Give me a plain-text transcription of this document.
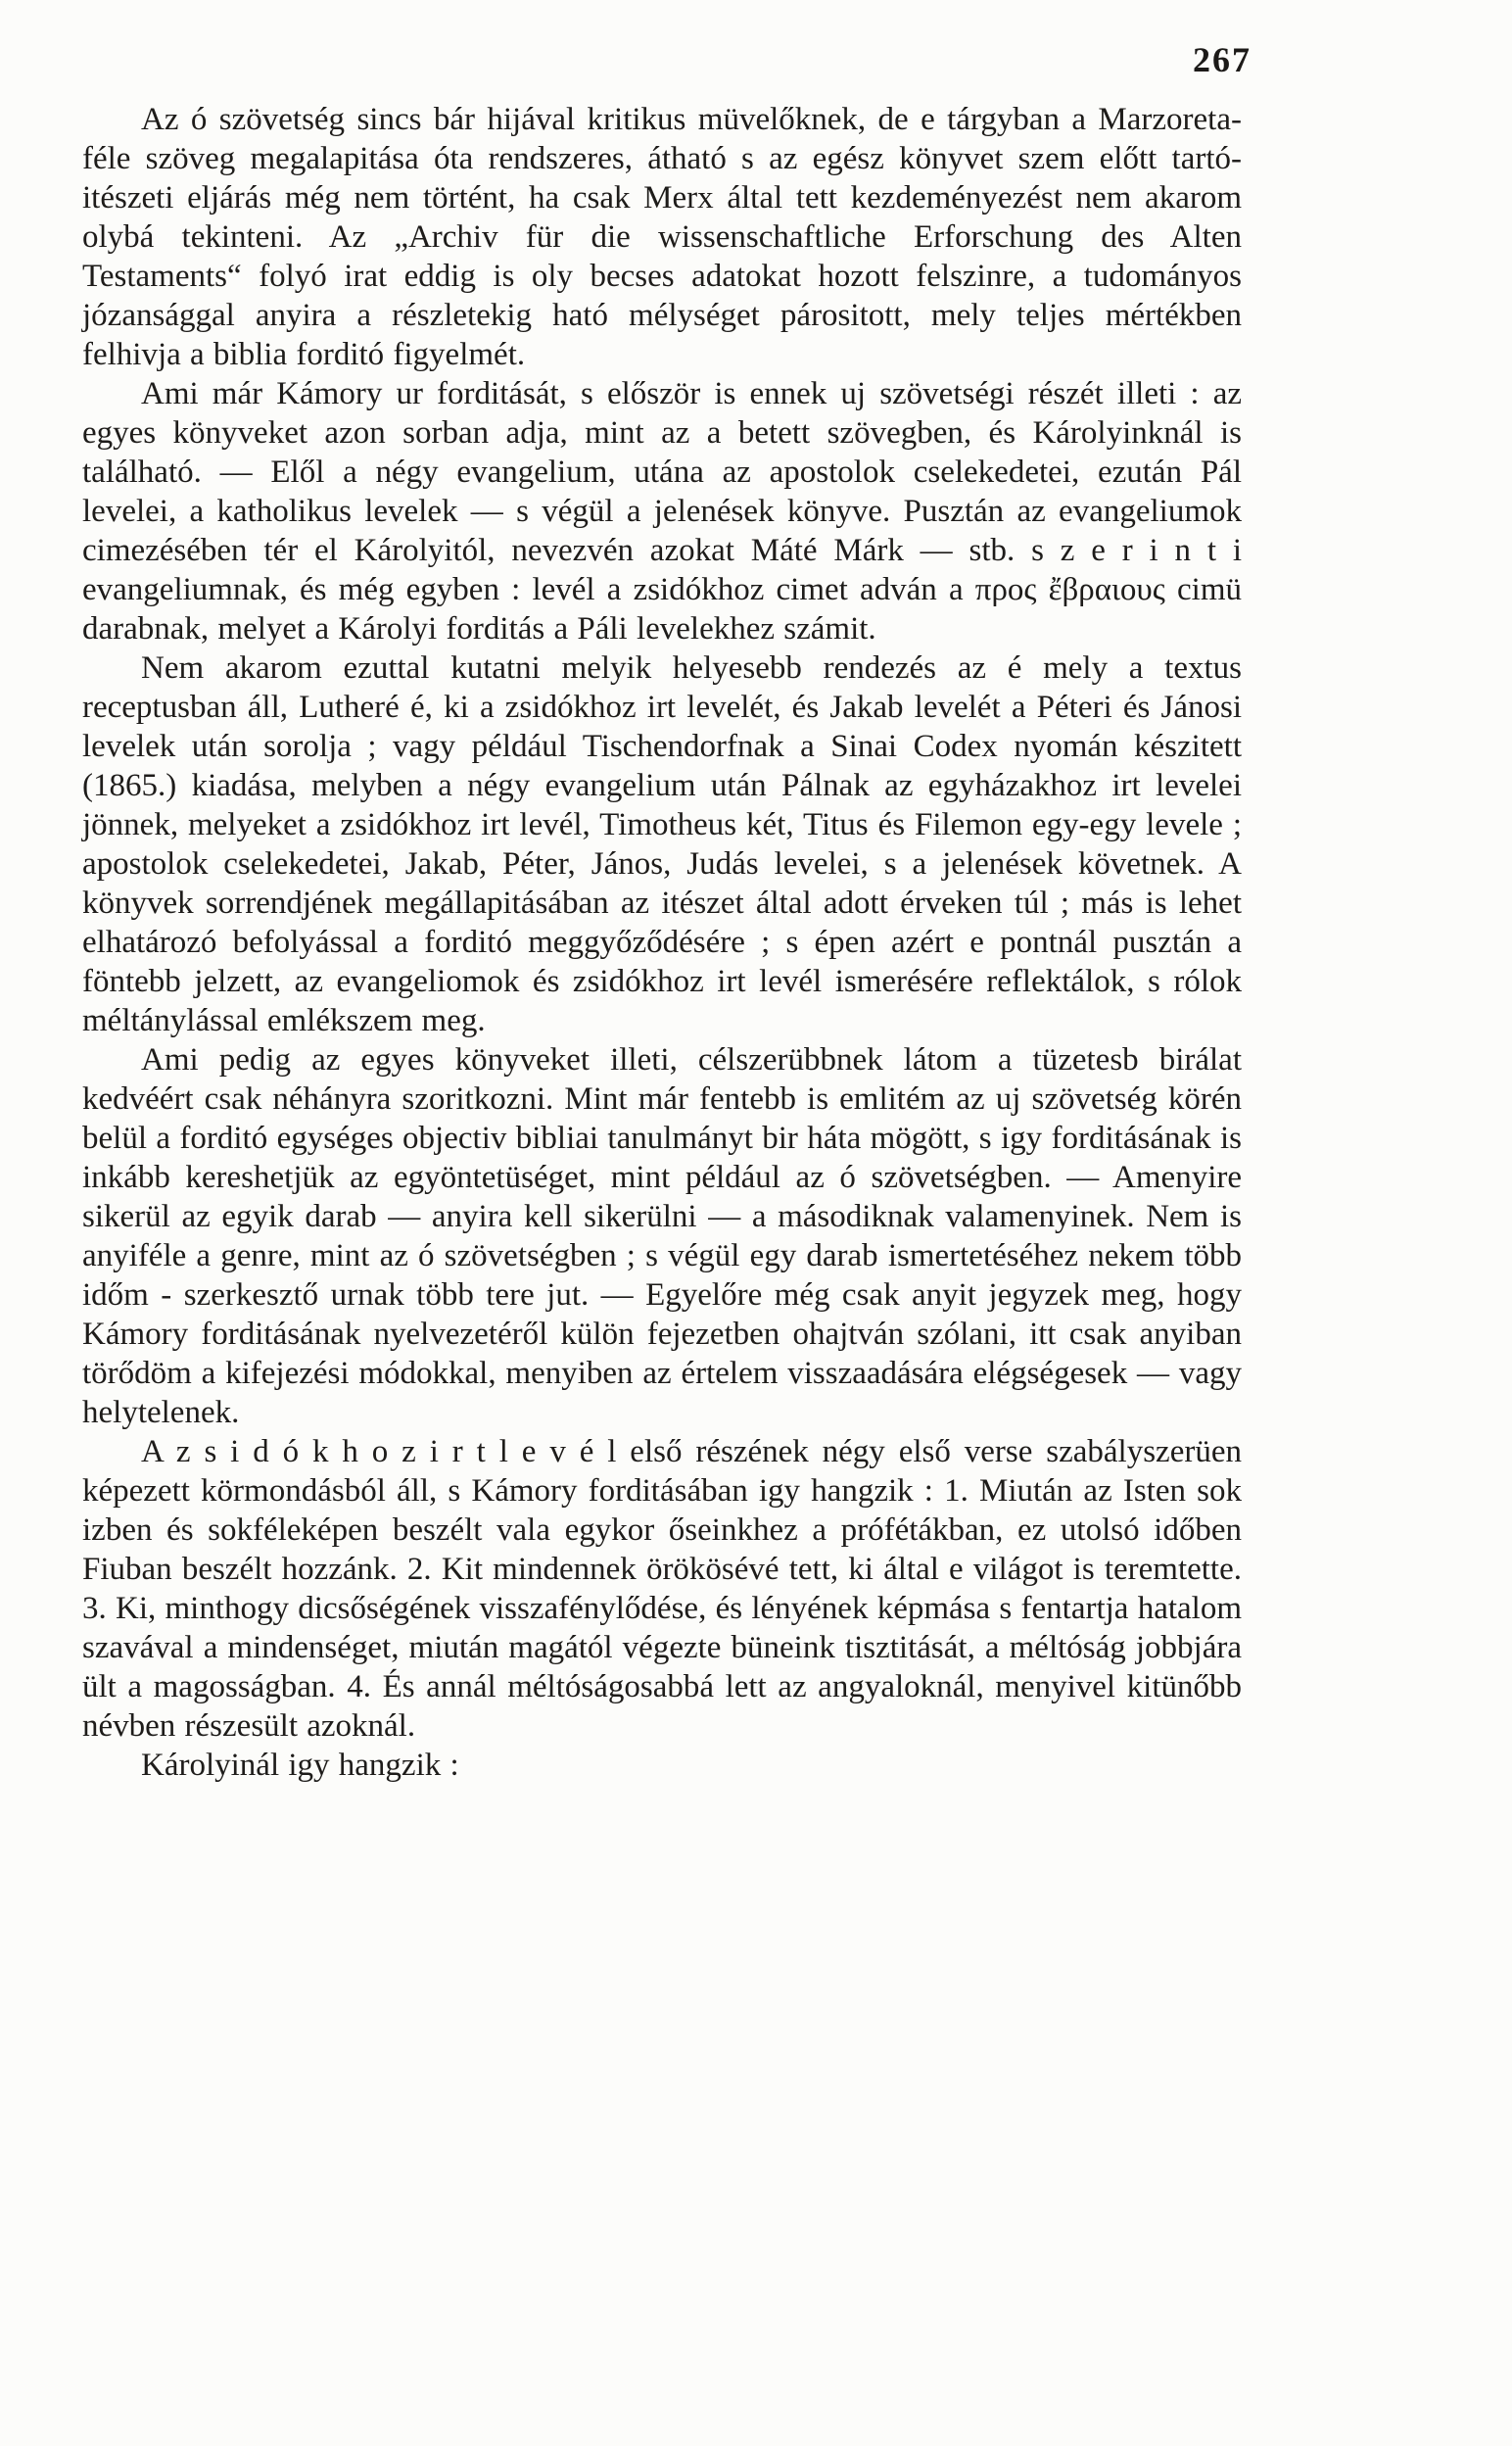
267

Az ó szövetség sincs bár hijával kritikus müvelőknek, de e tárgyban a Marzoreta-féle szöveg megalapitása óta rendszeres, átható s az egész könyvet szem előtt tartó-itészeti eljárás még nem történt, ha csak Merx által tett kezdeményezést nem akarom olybá tekinteni. Az „Archiv für die wissenschaftliche Erforschung des Alten Testaments“ folyó irat eddig is oly becses adatokat hozott felszinre, a tudományos józansággal anyira a részletekig ható mélységet párositott, mely teljes mértékben felhivja a biblia forditó figyelmét.

Ami már Kámory ur forditását, s először is ennek uj szövetségi részét illeti : az egyes könyveket azon sorban adja, mint az a betett szövegben, és Károlyinknál is található. — Elől a négy evangelium, utána az apostolok cselekedetei, ezután Pál levelei, a katholikus levelek — s végül a jelenések könyve. Pusztán az evangeliumok cimezésében tér el Károlyitól, nevezvén azokat Máté Márk — stb. s z e r i n t i evangeliumnak, és még egyben : levél a zsidókhoz cimet adván a προς ἔβραιους cimü darabnak, melyet a Károlyi forditás a Páli levelekhez számit.

Nem akarom ezuttal kutatni melyik helyesebb rendezés az é mely a textus receptusban áll, Lutheré é, ki a zsidókhoz irt levelét, és Jakab levelét a Péteri és Jánosi levelek után sorolja ; vagy például Tischendorfnak a Sinai Codex nyomán készitett (1865.) kiadása, melyben a négy evangelium után Pálnak az egyházakhoz irt levelei jönnek, melyeket a zsidókhoz irt levél, Timotheus két, Titus és Filemon egy-egy levele ; apostolok cselekedetei, Jakab, Péter, János, Judás levelei, s a jelenések követnek. A könyvek sorrendjének megállapitásában az itészet által adott érveken túl ; más is lehet elhatározó befolyással a forditó meggyőződésére ; s épen azért e pontnál pusztán a föntebb jelzett, az evangeliomok és zsidókhoz irt levél ismerésére reflektálok, s rólok méltánylással emlékszem meg.

Ami pedig az egyes könyveket illeti, célszerübbnek látom a tüzetesb birálat kedvéért csak néhányra szoritkozni. Mint már fentebb is emlitém az uj szövetség körén belül a forditó egységes objectiv bibliai tanulmányt bir háta mögött, s igy forditásának is inkább kereshetjük az egyöntetüséget, mint például az ó szövetségben. — Amenyire sikerül az egyik darab — anyira kell sikerülni — a másodiknak valamenyinek. Nem is anyiféle a genre, mint az ó szövetségben ; s végül egy darab ismertetéséhez nekem több időm - szerkesztő urnak több tere jut. — Egyelőre még csak anyit jegyzek meg, hogy Kámory forditásának nyelvezetéről külön fejezetben ohajtván szólani, itt csak anyiban törődöm a kifejezési módokkal, menyiben az értelem visszaadására elégségesek — vagy helytelenek.

A z s i d ó k h o z i r t l e v é l első részének négy első verse szabályszerüen képezett körmondásból áll, s Kámory forditásában igy hangzik : 1. Miután az Isten sok izben és sokféleképen beszélt vala egykor őseinkhez a prófétákban, ez utolsó időben Fiuban beszélt hozzánk. 2. Kit mindennek örökösévé tett, ki által e világot is teremtette. 3. Ki, minthogy dicsőségének visszafénylődése, és lényének képmása s fentartja hatalom szavával a mindenséget, miután magától végezte büneink tisztitását, a méltóság jobbjára ült a magosságban. 4. És annál méltóságosabbá lett az angyaloknál, menyivel kitünőbb névben részesült azoknál.

Károlyinál igy hangzik :
